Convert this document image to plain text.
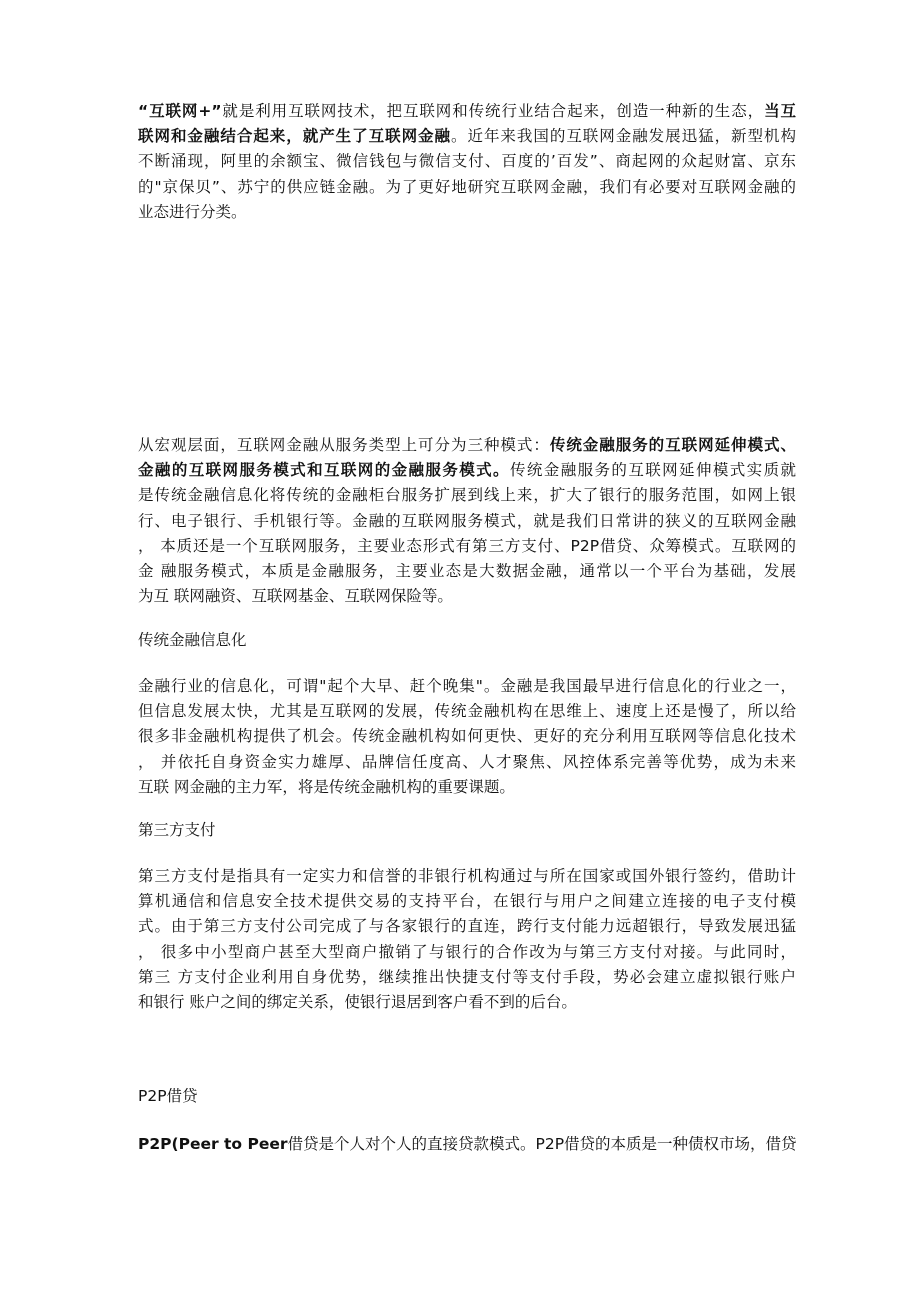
“互联网+”就是利用互联网技术，把互联网和传统行业结合起来，创造一种新的生态，当互
联网和金融结合起来，就产生了互联网金融。近年来我国的互联网金融发展迅猛，新型机构
不断涌现，阿里的余额宝、微信钱包与微信支付、百度的’百发”、商起网的众起财富、京东
的"京保贝”、苏宁的供应链金融。为了更好地研究互联网金融，我们有必要对互联网金融的
业态进行分类。
从宏观层面，互联网金融从服务类型上可分为三种模式：传统金融服务的互联网延伸模式、
金融的互联网服务模式和互联网的金融服务模式。传统金融服务的互联网延伸模式实质就
是传统金融信息化将传统的金融柜台服务扩展到线上来，扩大了银行的服务范围，如网上银
行、电子银行、手机银行等。金融的互联网服务模式，就是我们日常讲的狭义的互联网金融
， 本质还是一个互联网服务，主要业态形式有第三方支付、P2P借贷、众筹模式。互联网的
金 融服务模式，本质是金融服务，主要业态是大数据金融，通常以一个平台为基础，发展
为互 联网融资、互联网基金、互联网保险等。
传统金融信息化
金融行业的信息化，可谓"起个大早、赶个晚集"。金融是我国最早进行信息化的行业之一，
但信息发展太快，尤其是互联网的发展，传统金融机构在思维上、速度上还是慢了，所以给
很多非金融机构提供了机会。传统金融机构如何更快、更好的充分利用互联网等信息化技术
， 并依托自身资金实力雄厚、品牌信任度高、人才聚焦、风控体系完善等优势，成为未来
互联 网金融的主力军，将是传统金融机构的重要课题。
第三方支付
第三方支付是指具有一定实力和信誉的非银行机构通过与所在国家或国外银行签约，借助计
算机通信和信息安全技术提供交易的支持平台，在银行与用户之间建立连接的电子支付模
式。由于第三方支付公司完成了与各家银行的直连，跨行支付能力远超银行，导致发展迅猛
， 很多中小型商户甚至大型商户撤销了与银行的合作改为与第三方支付对接。与此同时，
第三 方支付企业利用自身优势，继续推出快捷支付等支付手段，势必会建立虚拟银行账户
和银行 账户之间的绑定关系，使银行退居到客户看不到的后台。
P2P借贷
P2P(Peer to Peer借贷是个人对个人的直接贷款模式。P2P借贷的本质是一种债权市场，借贷
